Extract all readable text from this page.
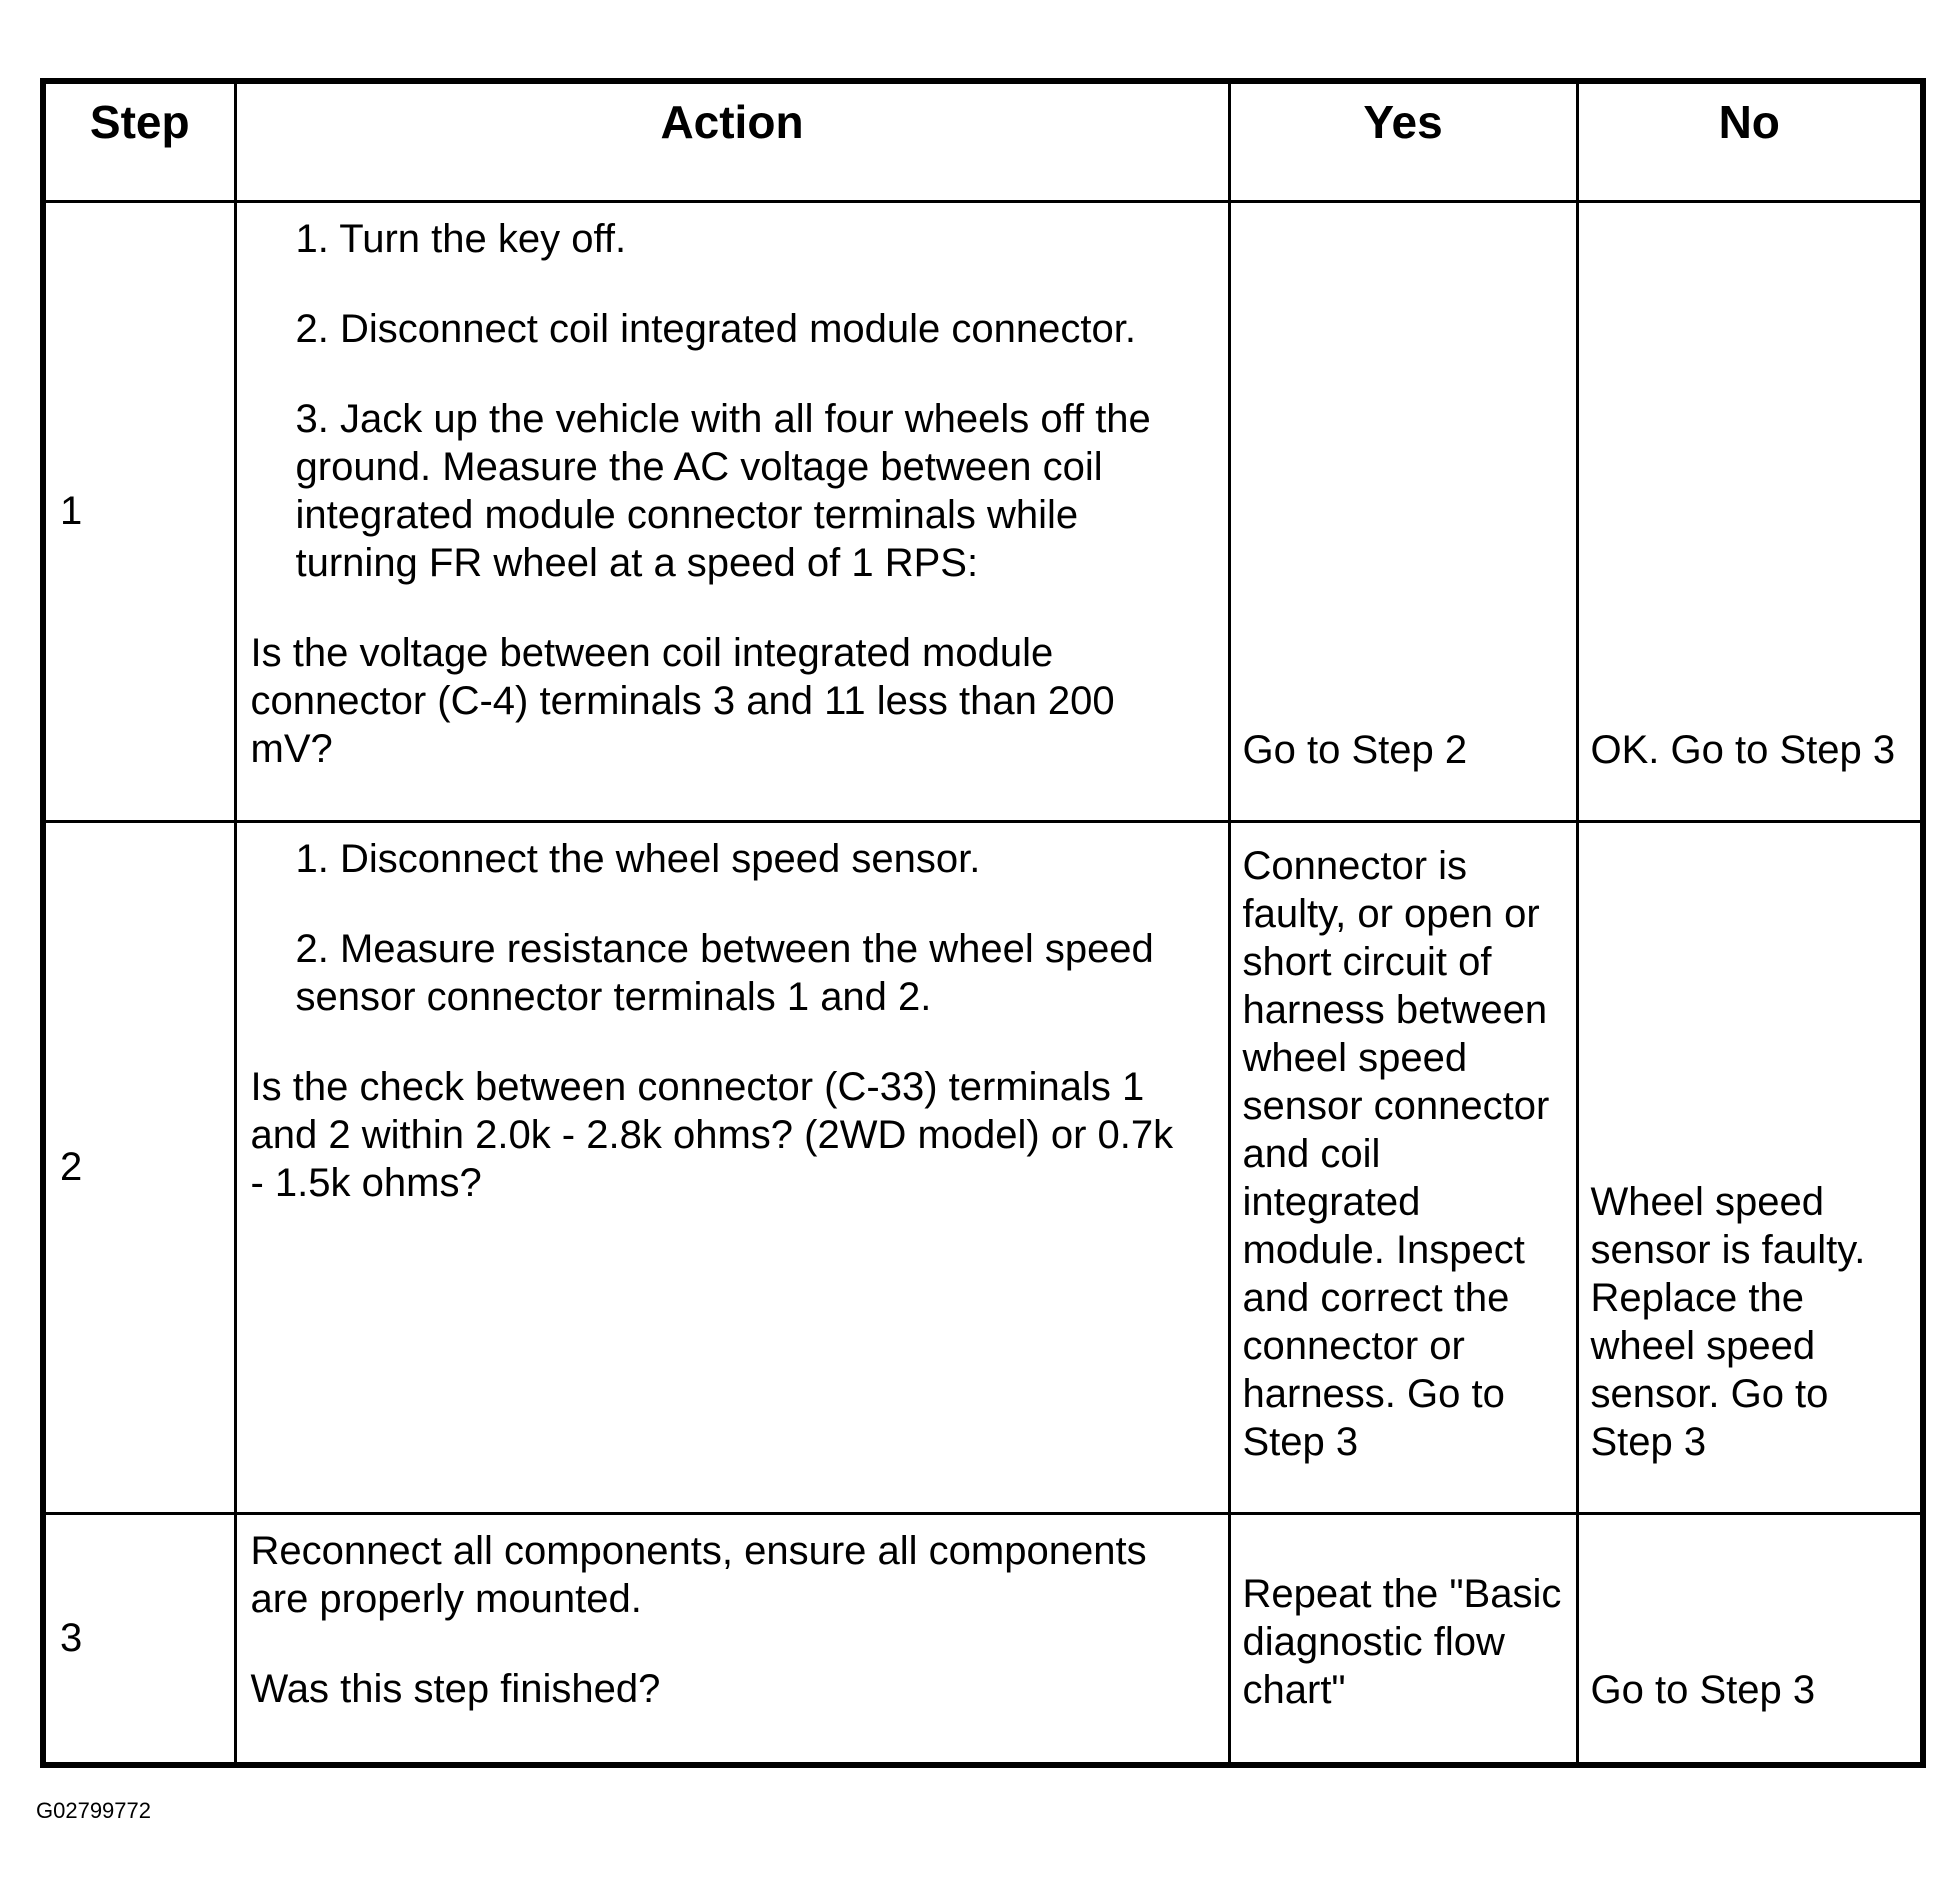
Step	Action	Yes	No
1	1. Turn the key off.

2. Disconnect coil integrated module connector.

3. Jack up the vehicle with all four wheels off the ground. Measure the AC voltage between coil integrated module connector terminals while turning FR wheel at a speed of 1 RPS:

Is the voltage between coil integrated module connector (C-4) terminals 3 and 11 less than 200 mV?	Go to Step 2	OK. Go to Step 3
2	1. Disconnect the wheel speed sensor.

2. Measure resistance between the wheel speed sensor connector terminals 1 and 2.

Is the check between connector (C-33) terminals 1 and 2 within 2.0k - 2.8k ohms? (2WD model) or 0.7k - 1.5k ohms?	Connector is faulty, or open or short circuit of harness between wheel speed sensor connector and coil integrated module. Inspect and correct the connector or harness. Go to Step 3	Wheel speed sensor is faulty. Replace the wheel speed sensor. Go to Step 3
3	Reconnect all components, ensure all components are properly mounted.

Was this step finished?	Repeat the "Basic diagnostic flow chart"	Go to Step 3
G02799772
